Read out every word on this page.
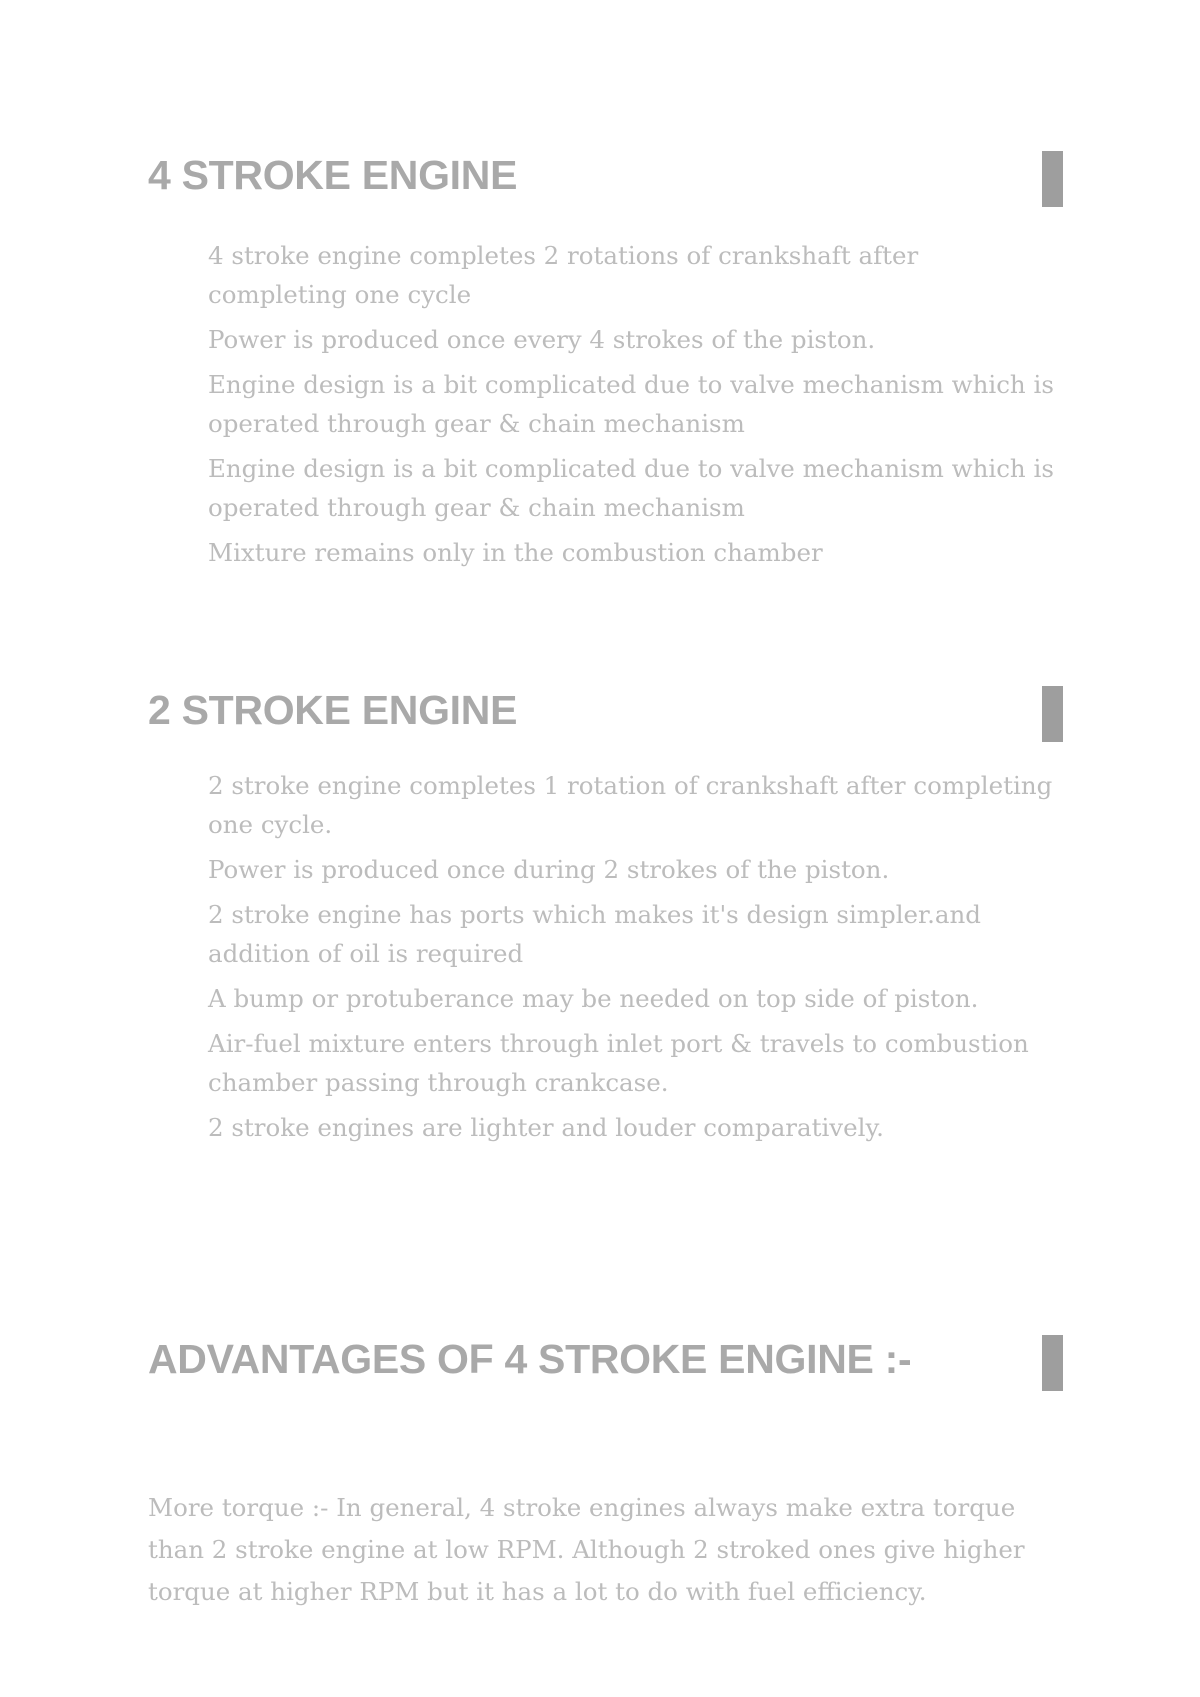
4 STROKE ENGINE
4 stroke engine completes 2 rotations of crankshaft after completing one cycle
Power is produced once every 4 strokes of the piston.
Engine design is a bit complicated due to valve mechanism which is operated through gear & chain mechanism
Engine design is a bit complicated due to valve mechanism which is operated through gear & chain mechanism
Mixture remains only in the combustion chamber
2 STROKE ENGINE
2 stroke engine completes 1 rotation of crankshaft after completing one cycle.
Power is produced once during 2 strokes of the piston.
2 stroke engine has ports which makes it's design simpler.and addition of oil is required
A bump or protuberance may be needed on top side of piston.
Air-fuel mixture enters through inlet port & travels to combustion chamber passing through crankcase.
2 stroke engines are lighter and louder comparatively.
ADVANTAGES OF 4 STROKE ENGINE :-

More torque :- In general, 4 stroke engines always make extra torque than 2 stroke engine at low RPM. Although 2 stroked ones give higher torque at higher RPM but it has a lot to do with fuel efficiency.
